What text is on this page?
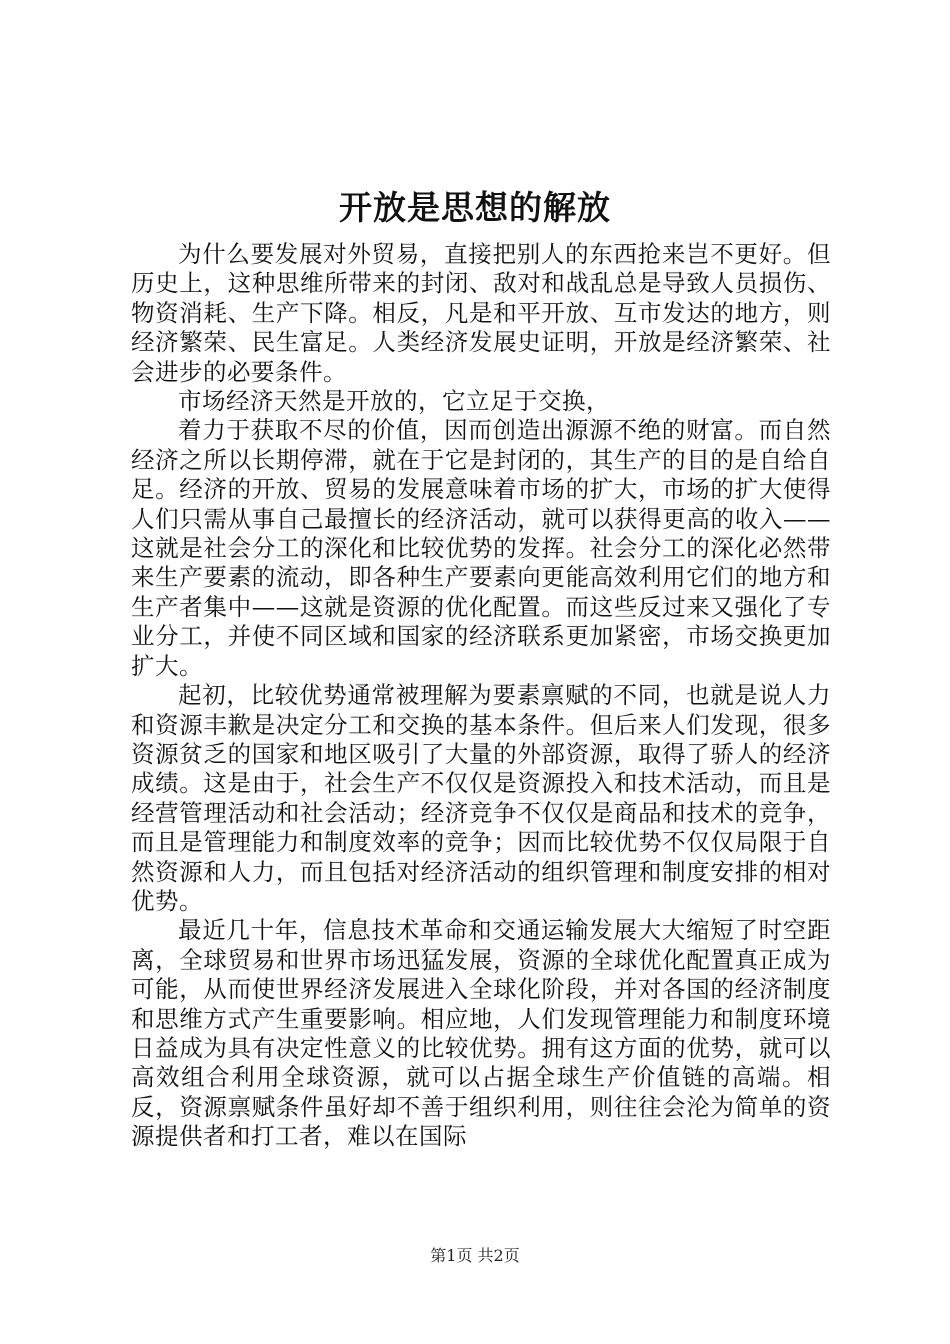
开放是思想的解放

为什么要发展对外贸易，直接把别人的东西抢来岂不更好。但历史上，这种思维所带来的封闭、敌对和战乱总是导致人员损伤、物资消耗、生产下降。相反，凡是和平开放、互市发达的地方，则经济繁荣、民生富足。人类经济发展史证明，开放是经济繁荣、社会进步的必要条件。

市场经济天然是开放的，它立足于交换，

着力于获取不尽的价值，因而创造出源源不绝的财富。而自然经济之所以长期停滞，就在于它是封闭的，其生产的目的是自给自足。经济的开放、贸易的发展意味着市场的扩大，市场的扩大使得人们只需从事自己最擅长的经济活动，就可以获得更高的收入——这就是社会分工的深化和比较优势的发挥。社会分工的深化必然带来生产要素的流动，即各种生产要素向更能高效利用它们的地方和生产者集中——这就是资源的优化配置。而这些反过来又强化了专业分工，并使不同区域和国家的经济联系更加紧密，市场交换更加扩大。

起初，比较优势通常被理解为要素禀赋的不同，也就是说人力和资源丰歉是决定分工和交换的基本条件。但后来人们发现，很多资源贫乏的国家和地区吸引了大量的外部资源，取得了骄人的经济成绩。这是由于，社会生产不仅仅是资源投入和技术活动，而且是经营管理活动和社会活动；经济竞争不仅仅是商品和技术的竞争，而且是管理能力和制度效率的竞争；因而比较优势不仅仅局限于自然资源和人力，而且包括对经济活动的组织管理和制度安排的相对优势。

最近几十年，信息技术革命和交通运输发展大大缩短了时空距离，全球贸易和世界市场迅猛发展，资源的全球优化配置真正成为可能，从而使世界经济发展进入全球化阶段，并对各国的经济制度和思维方式产生重要影响。相应地，人们发现管理能力和制度环境日益成为具有决定性意义的比较优势。拥有这方面的优势，就可以高效组合利用全球资源，就可以占据全球生产价值链的高端。相反，资源禀赋条件虽好却不善于组织利用，则往往会沦为简单的资源提供者和打工者，难以在国际

第1页 共2页
